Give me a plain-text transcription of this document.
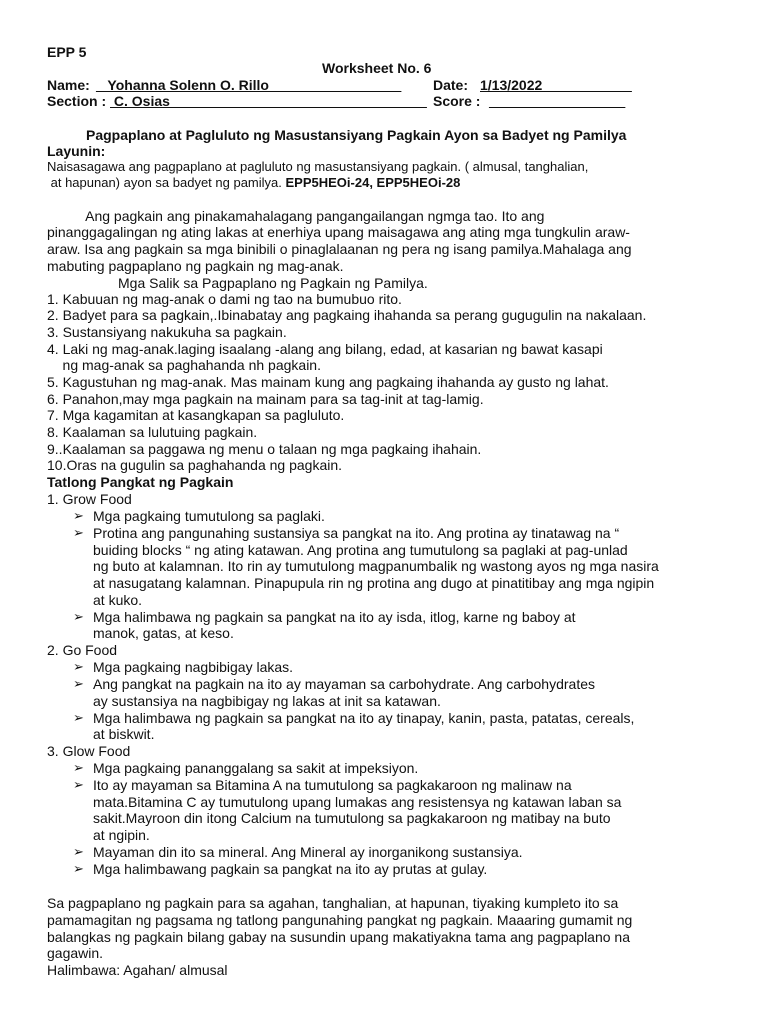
EPP 5
Worksheet No. 6
Name: _ Yohanna Solenn O. Rillo_________________ Date: 1/13/2022__________ _
Section : C. Osias_________________________________ Score : ________________ _
Pagpaplano at Pagluluto ng Masustansiyang Pagkain Ayon sa Badyet ng Pamilya
Layunin:
Naisasagawa ang pagpaplano at pagluluto ng masustansiyang pagkain. ( almusal, tanghalian,
at hapunan) ayon sa badyet ng pamilya. EPP5HEOi-24, EPP5HEOi-28
Ang pagkain ang pinakamahalagang pangangailangan ngmga tao. Ito ang
pinanggagalingan ng ating lakas at enerhiya upang maisagawa ang ating mga tungkulin araw-
araw. Isa ang pagkain sa mga binibili o pinaglalaanan ng pera ng isang pamilya.Mahalaga ang
mabuting pagpaplano ng pagkain ng mag-anak.
Mga Salik sa Pagpaplano ng Pagkain ng Pamilya.
1. Kabuuan ng mag-anak o dami ng tao na bumubuo rito.
2. Badyet para sa pagkain,.Ibinabatay ang pagkaing ihahanda sa perang gugugulin na nakalaan.
3. Sustansiyang nakukuha sa pagkain.
4. Laki ng mag-anak.laging isaalang -alang ang bilang, edad, at kasarian ng bawat kasapi
ng mag-anak sa paghahanda nh pagkain.
5. Kagustuhan ng mag-anak. Mas mainam kung ang pagkaing ihahanda ay gusto ng lahat.
6. Panahon,may mga pagkain na mainam para sa tag-init at tag-lamig.
7. Mga kagamitan at kasangkapan sa pagluluto.
8. Kaalaman sa lulutuing pagkain.
9..Kaalaman sa paggawa ng menu o talaan ng mga pagkaing ihahain.
10.Oras na gugulin sa paghahanda ng pagkain.
Tatlong Pangkat ng Pagkain
1. Grow Food
➢ Mga pagkaing tumutulong sa paglaki.
➢ Protina ang pangunahing sustansiya sa pangkat na ito. Ang protina ay tinatawag na “
buiding blocks “ ng ating katawan. Ang protina ang tumutulong sa paglaki at pag-unlad
ng buto at kalamnan. Ito rin ay tumutulong magpanumbalik ng wastong ayos ng mga nasira
at nasugatang kalamnan. Pinapupula rin ng protina ang dugo at pinatitibay ang mga ngipin
at kuko.
➢ Mga halimbawa ng pagkain sa pangkat na ito ay isda, itlog, karne ng baboy at
manok, gatas, at keso.
2. Go Food
➢ Mga pagkaing nagbibigay lakas.
➢ Ang pangkat na pagkain na ito ay mayaman sa carbohydrate. Ang carbohydrates
ay sustansiya na nagbibigay ng lakas at init sa katawan.
➢ Mga halimbawa ng pagkain sa pangkat na ito ay tinapay, kanin, pasta, patatas, cereals,
at biskwit.
3. Glow Food
➢ Mga pagkaing pananggalang sa sakit at impeksiyon.
➢ Ito ay mayaman sa Bitamina A na tumutulong sa pagkakaroon ng malinaw na
mata.Bitamina C ay tumutulong upang lumakas ang resistensya ng katawan laban sa
sakit.Mayroon din itong Calcium na tumutulong sa pagkakaroon ng matibay na buto
at ngipin.
➢ Mayaman din ito sa mineral. Ang Mineral ay inorganikong sustansiya.
➢ Mga halimbawang pagkain sa pangkat na ito ay prutas at gulay.
Sa pagpaplano ng pagkain para sa agahan, tanghalian, at hapunan, tiyaking kumpleto ito sa
pamamagitan ng pagsama ng tatlong pangunahing pangkat ng pagkain. Maaaring gumamit ng
balangkas ng pagkain bilang gabay na susundin upang makatiyakna tama ang pagpaplano na
gagawin.
Halimbawa: Agahan/ almusal
